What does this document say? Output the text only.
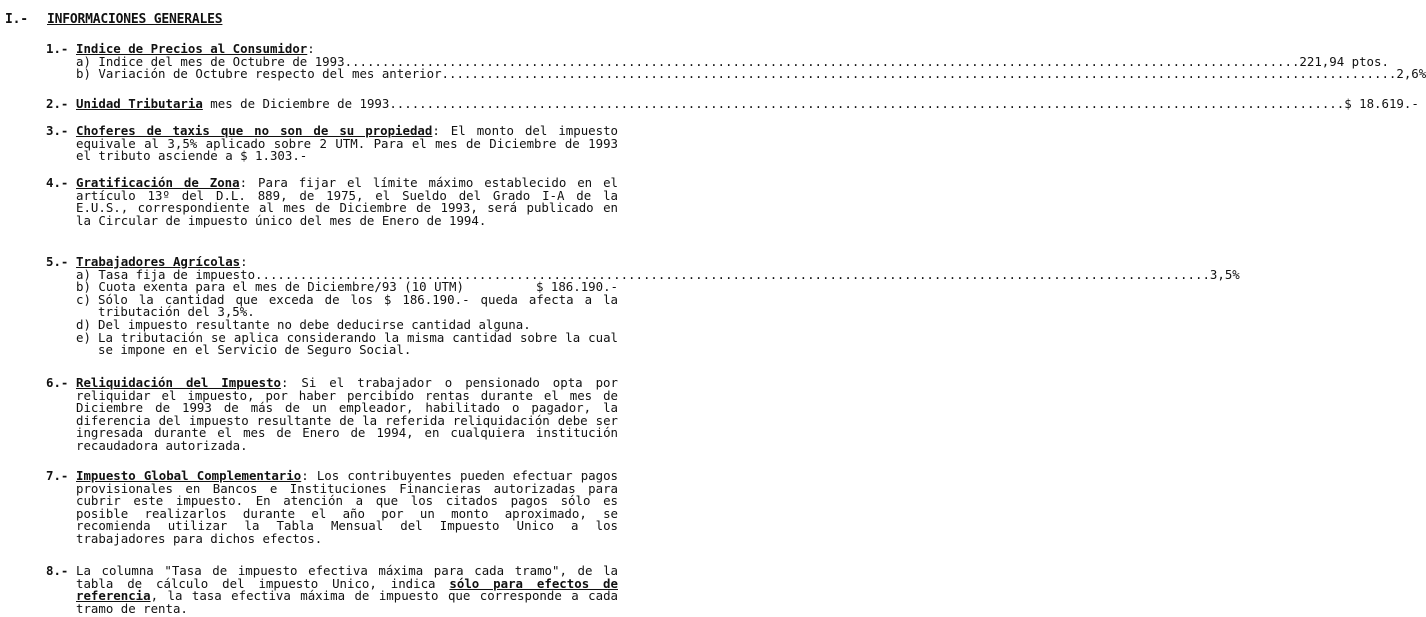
I.- INFORMACIONES GENERALES
1.- Indice de Precios al Consumidor:
a) Indice del mes de Octubre de 1993 ................................................................................................................................ 221,94 ptos.
b) Variación de Octubre respecto del mes anterior ................................................................................................................................ 2,6%
2.- Unidad Tributaria mes de Diciembre de 1993 ................................................................................................................................ $ 18.619.-
3.- Choferes de taxis que no son de su propiedad: El monto del impuesto equivale al 3,5% aplicado sobre 2 UTM. Para el mes de Diciembre de 1993 el tributo asciende a $ 1.303.-
4.- Gratificación de Zona: Para fijar el límite máximo establecido en el artículo 13º del D.L. 889, de 1975, el Sueldo del Grado I-A de la E.U.S., correspondiente al mes de Diciembre de 1993, será publicado en la Circular de impuesto único del mes de Enero de 1994.
5.- Trabajadores Agrícolas:
a) Tasa fija de impuesto ................................................................................................................................ 3,5%
b) Cuota exenta para el mes de Diciembre/93 (10 UTM)	$ 186.190.-
c) Sólo la cantidad que exceda de los $ 186.190.- queda afecta a la tributación del 3,5%.
d) Del impuesto resultante no debe deducirse cantidad alguna.
e) La tributación se aplica considerando la misma cantidad sobre la cual se impone en el Servicio de Seguro Social.
6.- Reliquidación del Impuesto: Si el trabajador o pensionado opta por reliquidar el impuesto, por haber percibido rentas durante el mes de Diciembre de 1993 de más de un empleador, habilitado o pagador, la diferencia del impuesto resultante de la referida reliquidación debe ser ingresada durante el mes de Enero de 1994, en cualquiera institución recaudadora autorizada.
7.- Impuesto Global Complementario: Los contribuyentes pueden efectuar pagos provisionales en Bancos e Instituciones Financieras autorizadas para cubrir este impuesto. En atención a que los citados pagos sólo es posible realizarlos durante el año por un monto aproximado, se recomienda utilizar la Tabla Mensual del Impuesto Unico a los trabajadores para dichos efectos.
8.- La columna "Tasa de impuesto efectiva máxima para cada tramo", de la tabla de cálculo del impuesto Unico, indica sólo para efectos de referencia, la tasa efectiva máxima de impuesto que corresponde a cada tramo de renta.
